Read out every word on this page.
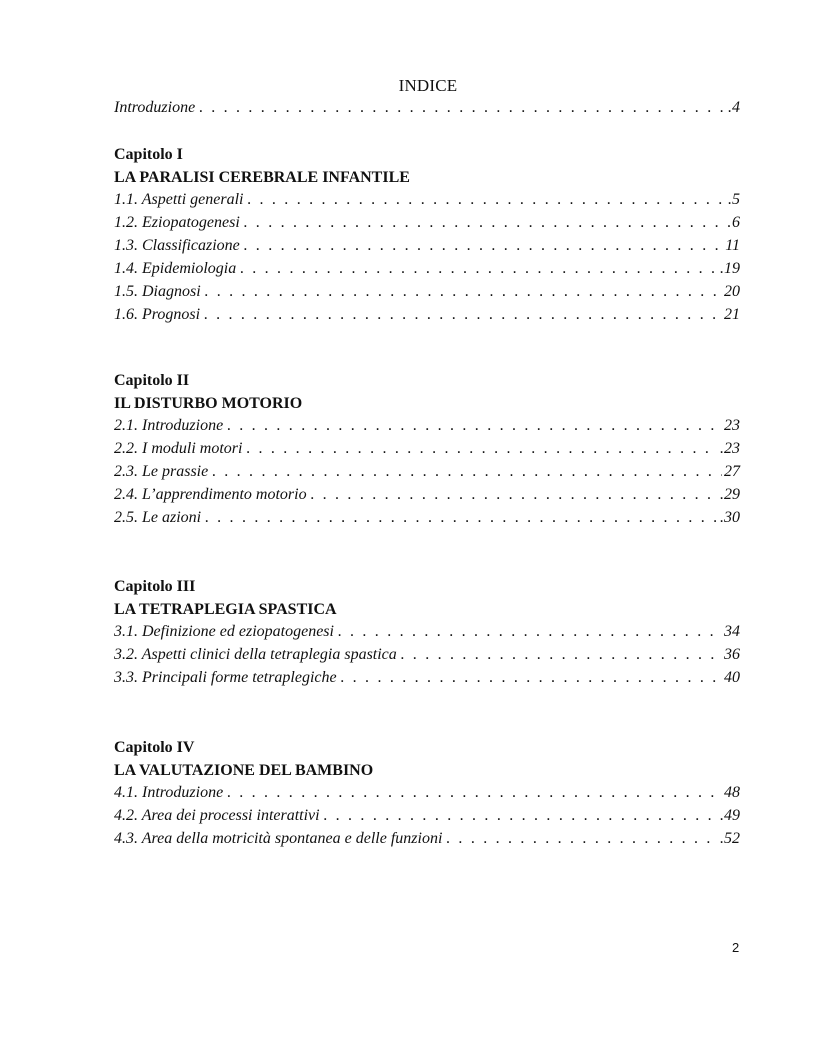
INDICE
Introduzione . . .	.4
Capitolo I
LA PARALISI CEREBRALE INFANTILE
1.1. Aspetti generali . . .	.5
1.2. Eziopatogenesi . . .	6
1.3. Classificazione . . .	11
1.4. Epidemiologia . . .	.19
1.5. Diagnosi . . .	20
1.6. Prognosi . . .	21
Capitolo II
IL DISTURBO MOTORIO
2.1. Introduzione . . .	23
2.2. I moduli motori . . .	.23
2.3. Le prassie . . .	27
2.4. L’apprendimento motorio . . .	.29
2.5. Le azioni . . .	.30
Capitolo III
LA TETRAPLEGIA SPASTICA
3.1. Definizione ed eziopatogenesi . . .	34
3.2. Aspetti clinici della tetraplegia spastica . . .	36
3.3. Principali forme tetraplegiche . . .	40
Capitolo IV
LA VALUTAZIONE DEL BAMBINO
4.1. Introduzione . . .	48
4.2. Area dei processi interattivi . . .	.49
4.3. Area della motricità spontanea e delle funzioni . . .	.52
2
